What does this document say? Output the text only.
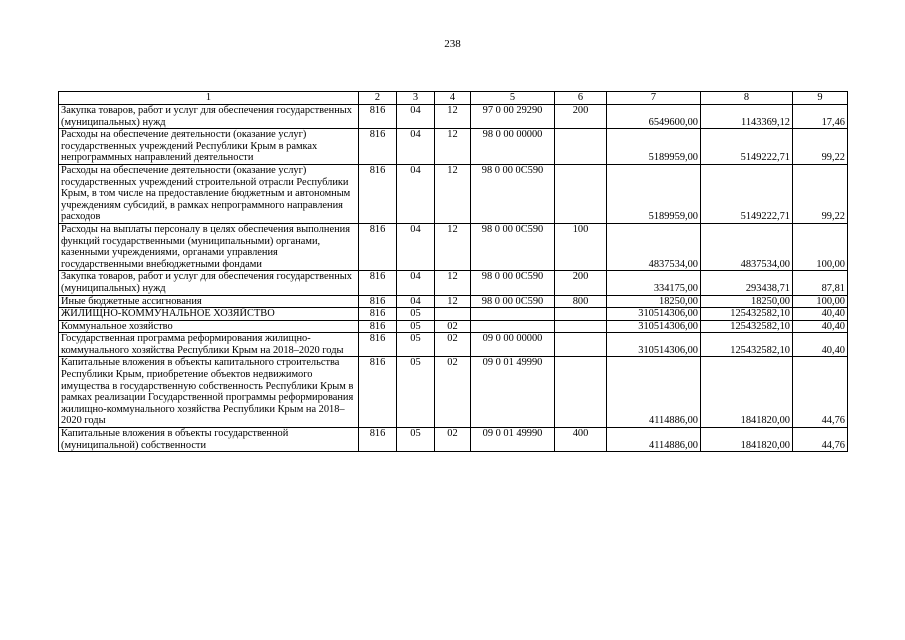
238
1	2	3	4	5	6	7	8	9
Закупка товаров, работ и услуг для обеспечения государственных (муниципальных) нужд	816	04	12	97 0 00 29290	200	6549600,00	1143369,12	17,46
Расходы на обеспечение деятельности (оказание услуг) государственных учреждений Республики Крым в рамках непрограммных направлений деятельности	816	04	12	98 0 00 00000		5189959,00	5149222,71	99,22
Расходы на обеспечение деятельности (оказание услуг) государственных учреждений строительной отрасли Республики Крым, в том числе на предоставление бюджетным и автономным учреждениям субсидий, в рамках непрограммного направления расходов	816	04	12	98 0 00 0С590		5189959,00	5149222,71	99,22
Расходы на выплаты персоналу в целях обеспечения выполнения функций государственными (муниципальными) органами, казенными учреждениями, органами управления государственными внебюджетными фондами	816	04	12	98 0 00 0С590	100	4837534,00	4837534,00	100,00
Закупка товаров, работ и услуг для обеспечения государственных (муниципальных) нужд	816	04	12	98 0 00 0С590	200	334175,00	293438,71	87,81
Иные бюджетные ассигнования	816	04	12	98 0 00 0С590	800	18250,00	18250,00	100,00
ЖИЛИЩНО-КОММУНАЛЬНОЕ ХОЗЯЙСТВО	816	05				310514306,00	125432582,10	40,40
Коммунальное хозяйство	816	05	02			310514306,00	125432582,10	40,40
Государственная программа реформирования жилищно-коммунального хозяйства Республики Крым на 2018–2020 годы	816	05	02	09 0 00 00000		310514306,00	125432582,10	40,40
Капитальные вложения в объекты капитального строительства Республики Крым, приобретение объектов недвижимого имущества в государственную собственность Республики Крым в рамках реализации Государственной программы реформирования жилищно-коммунального хозяйства Республики Крым на 2018–2020 годы	816	05	02	09 0 01 49990		4114886,00	1841820,00	44,76
Капитальные вложения в объекты государственной (муниципальной) собственности	816	05	02	09 0 01 49990	400	4114886,00	1841820,00	44,76
